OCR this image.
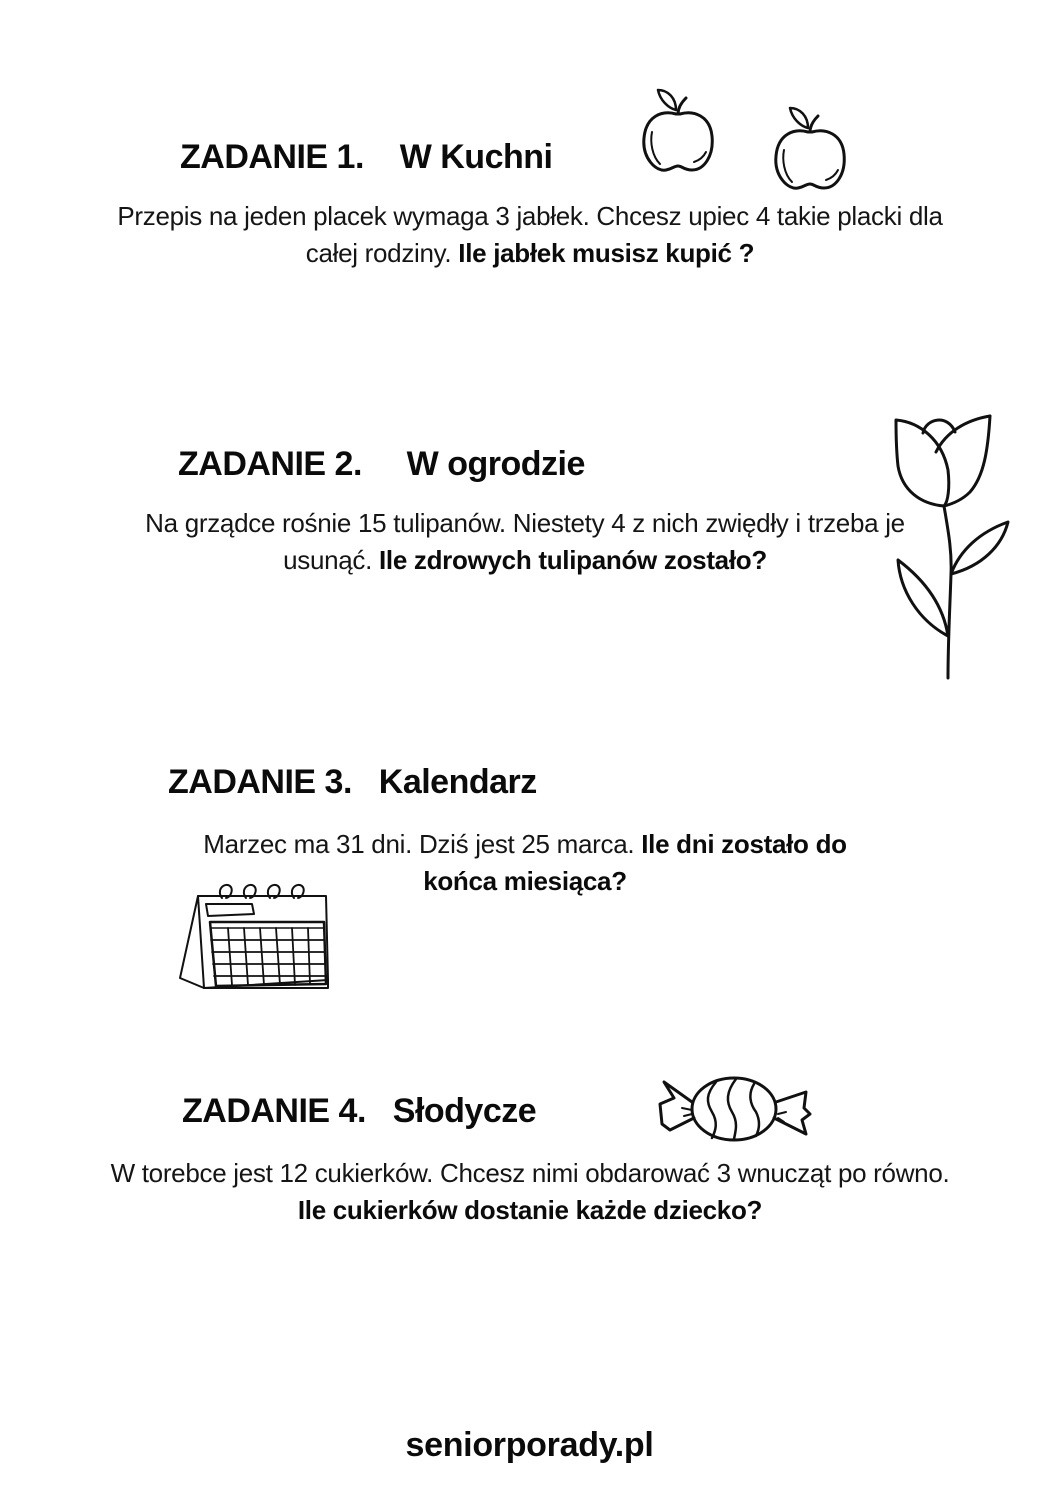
ZADANIE 1. W Kuchni
Przepis na jeden placek wymaga 3 jabłek. Chcesz upiec 4 takie placki dla całej rodziny. Ile jabłek musisz kupić ?
ZADANIE 2. W ogrodzie
Na grządce rośnie 15 tulipanów. Niestety 4 z nich zwiędły i trzeba je usunąć. Ile zdrowych tulipanów zostało?
ZADANIE 3. Kalendarz
Marzec ma 31 dni. Dziś jest 25 marca. Ile dni zostało do
końca miesiąca?
ZADANIE 4. Słodycze
W torebce jest 12 cukierków. Chcesz nimi obdarować 3 wnucząt po równo. Ile cukierków dostanie każde dziecko?
seniorporady.pl
